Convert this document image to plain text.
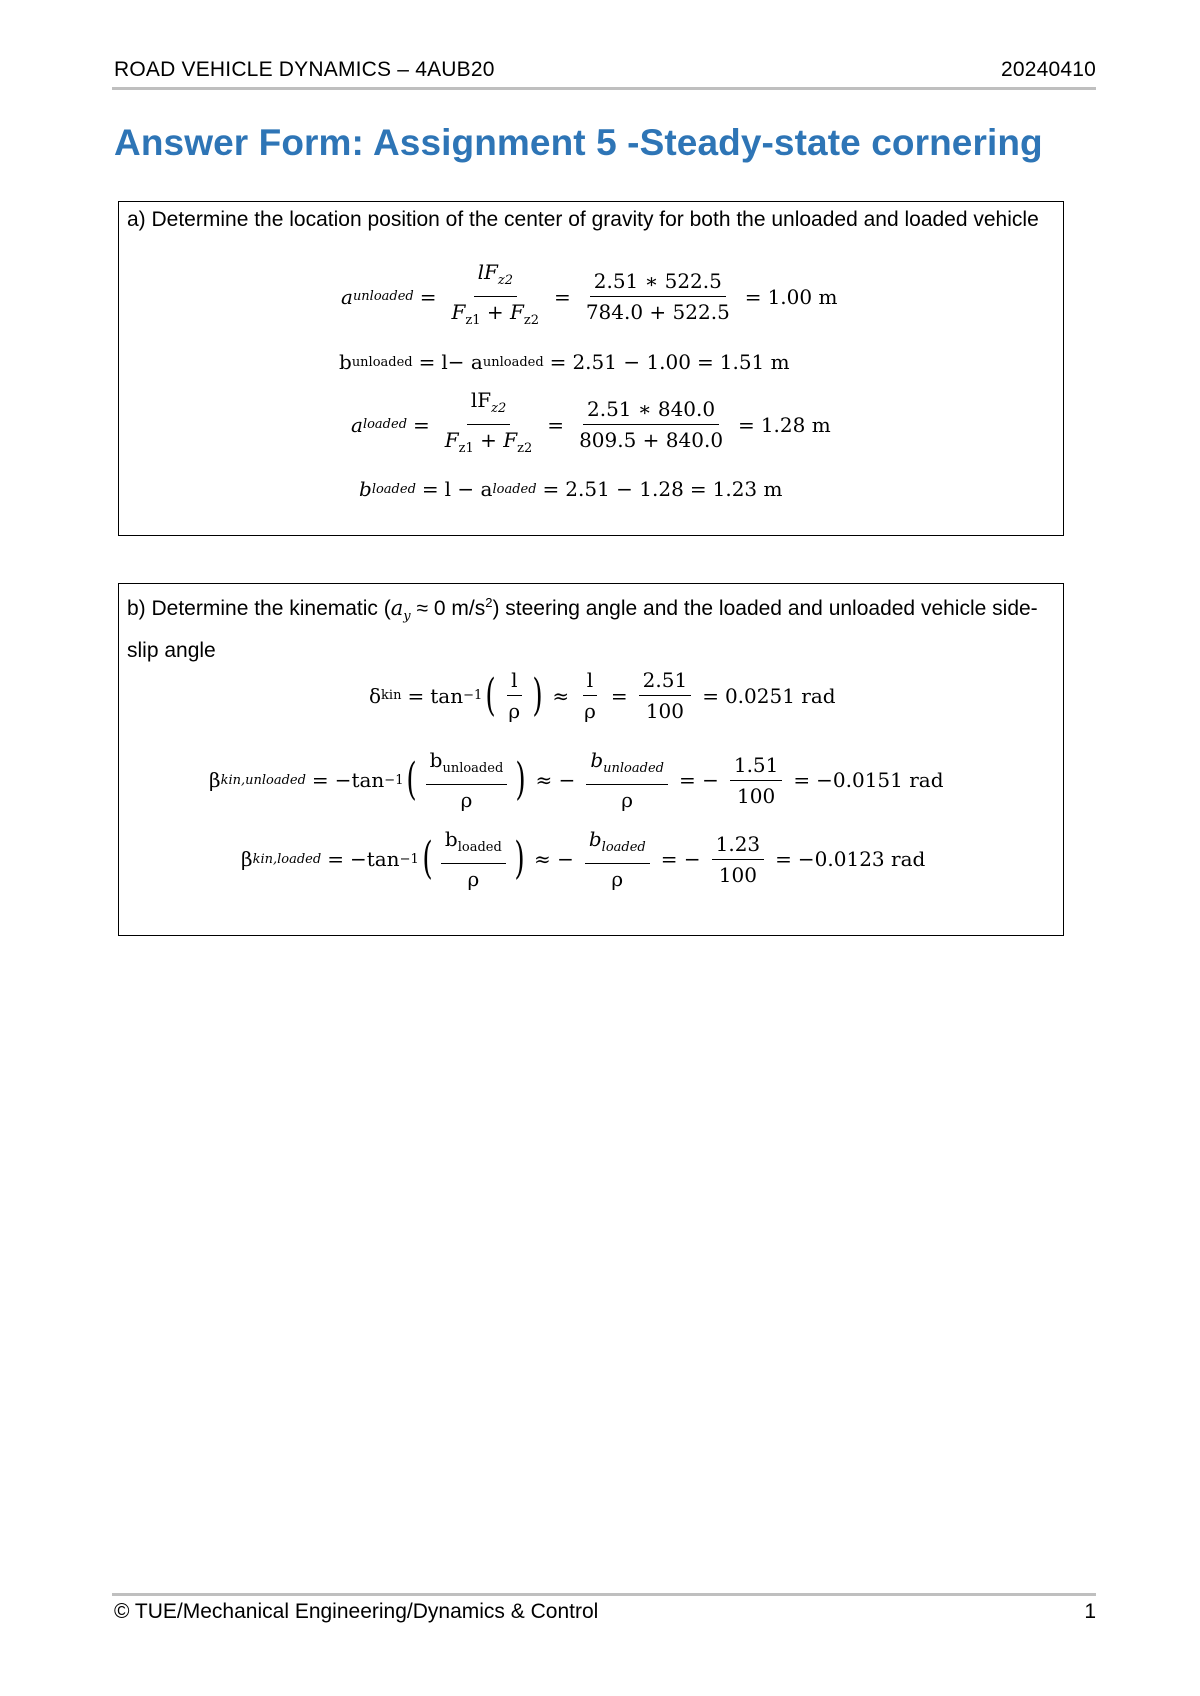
ROAD VEHICLE DYNAMICS – 4AUB20	20240410
Answer Form: Assignment 5 -Steady-state cornering
a) Determine the location position of the center of gravity for both the unloaded and loaded vehicle
a unloaded = $\frac{lF_{z2}}{F_{z1} + F_{z2}} = \frac{2.51 ∗ 522.5}{784.0 + 522.5} = 1.00$ m
b unloaded = l− a unloaded = 2.51 − 1.00 = 1.51 m
a loaded = $\frac{lF_{z2}}{F_{z1} + F_{z2}} = \frac{2.51 ∗ 840.0}{809.5 + 840.0} = 1.28$ m
b loaded = l − a loaded = 2.51 − 1.28 = 1.23 m
b) Determine the kinematic ($a_y \approx 0$ $m/s^2$) steering angle and the loaded and unloaded vehicle side-slip angle
δ kin = tan −1 ( $\frac{l}{\rho}$ ) ≈ $\frac{l}{\rho} = \frac{2.51}{100} = 0.0251$ rad
β kin,unloaded = −tan −1 ( $\frac{b_{unloaded}}{\rho}$ ) ≈ − $\frac{b_{unloaded}}{\rho}$ = − $\frac{1.51}{100} = -0.0151$ rad
β kin,loaded = −tan −1 ( $\frac{b_{loaded}}{\rho}$ ) ≈ − $\frac{b_{loaded}}{\rho}$ = − $\frac{1.23}{100} = -0.0123$ rad
© TUE/Mechanical Engineering/Dynamics & Control	1
